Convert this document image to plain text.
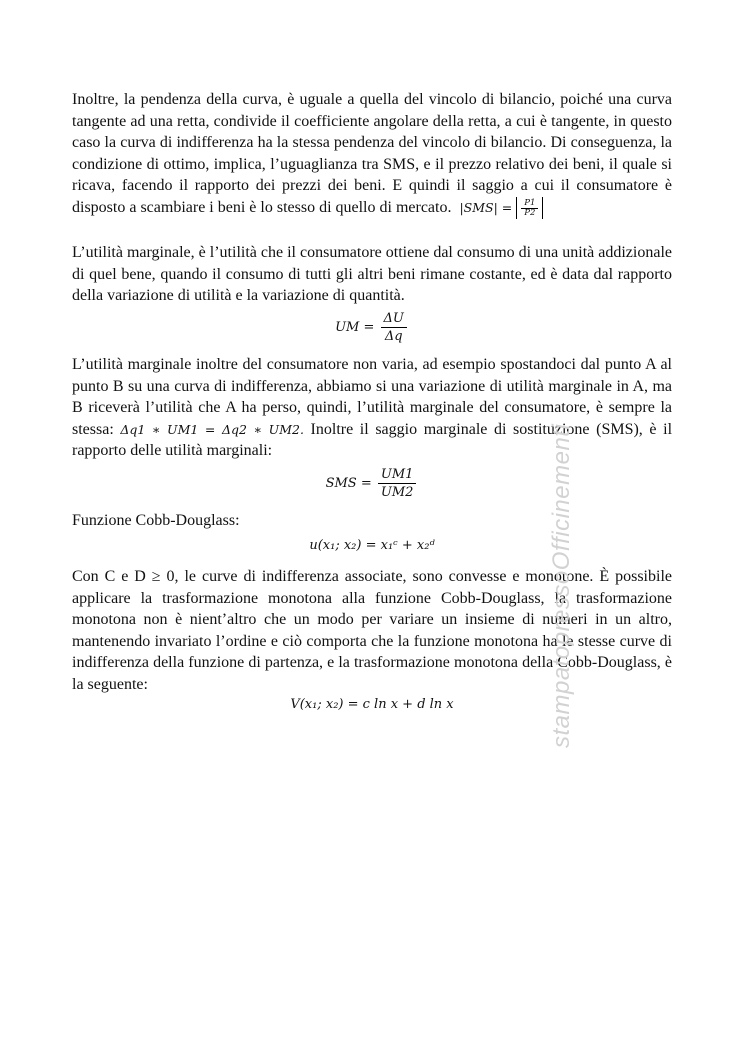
Inoltre, la pendenza della curva, è uguale a quella del vincolo di bilancio, poiché una curva tangente ad una retta, condivide il coefficiente angolare della retta, a cui è tangente, in questo caso la curva di indifferenza ha la stessa pendenza del vincolo di bilancio. Di conseguenza, la condizione di ottimo, implica, l’uguaglianza tra SMS, e il prezzo relativo dei beni, il quale si ricava, facendo il rapporto dei prezzi dei beni. E quindi il saggio a cui il consumatore è disposto a scambiare i beni è lo stesso di quello di mercato. $|SMS| = \frac{P1}{P2}$

L’utilità marginale, è l’utilità che il consumatore ottiene dal consumo di una unità addizionale di quel bene, quando il consumo di tutti gli altri beni rimane costante, ed è data dal rapporto della variazione di utilità e la variazione di quantità.

UM = $\frac{\Delta U}{\Delta q}$

L’utilità marginale inoltre del consumatore non varia, ad esempio spostandoci dal punto A al punto B su una curva di indifferenza, abbiamo si una variazione di utilità marginale in A, ma B riceverà l’utilità che A ha perso, quindi, l’utilità marginale del consumatore, è sempre la stessa: Δq1 ∗ UM1 = Δq2 ∗ UM2. Inoltre il saggio marginale di sostituzione (SMS), è il rapporto delle utilità marginali:

SMS = $\frac{UM1}{UM2}$

Funzione Cobb-Douglass:

u(x₁; x₂) = x₁ᶜ + x₂ᵈ

Con C e D ≥ 0, le curve di indifferenza associate, sono convesse e monotone. È possibile applicare la trasformazione monotona alla funzione Cobb-Douglass, la trasformazione monotona non è nient’altro che un modo per variare un insieme di numeri in un altro, mantenendo invariato l’ordine e ciò comporta che la funzione monotona ha le stesse curve di indifferenza della funzione di partenza, e la trasformazione monotona della Cobb-Douglass, è la seguente:

V(x₁; x₂) = c ln x + d ln x	stampatopressoOfficinementi
